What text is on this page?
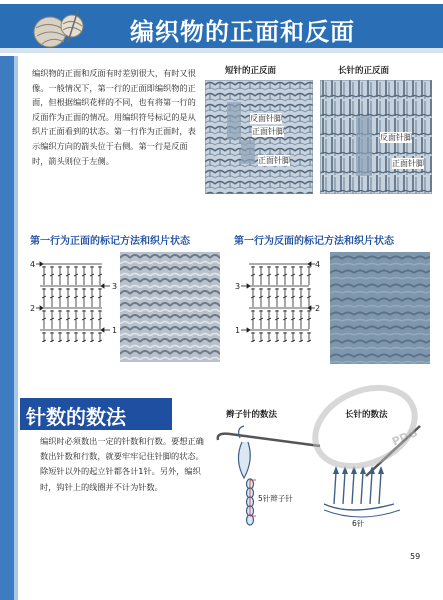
编织物的正面和反面
编织物的正面和反面有时差别很大，有时又很像。一般情况下，第一行的正面即编织物的正面，但根据编织花样的不同，也有将第一行的反面作为正面的情况。用编织符号标记的是从织片正面看到的状态。第一行作为正面时，表示编织方向的箭头位于右侧。第一行是反面时，箭头则位于左侧。
短针的正反面	长针的正反面
反面针脚
正面针脚
正面针脚
反面针脚
正面针脚
第一行为正面的标记方法和织片状态	第一行为反面的标记方法和织片状态
4
3
2
1
4
3
2
1
针数的数法
编织时必须数出一定的针数和行数。要想正确数出针数和行数，就要牢牢记住针脚的状态。除短针以外的起立针都各计1针。另外，编织时，钩针上的线圈并不计为针数。
辫子针的数法	长针的数法
5针辫子针
6针
PDG
59
